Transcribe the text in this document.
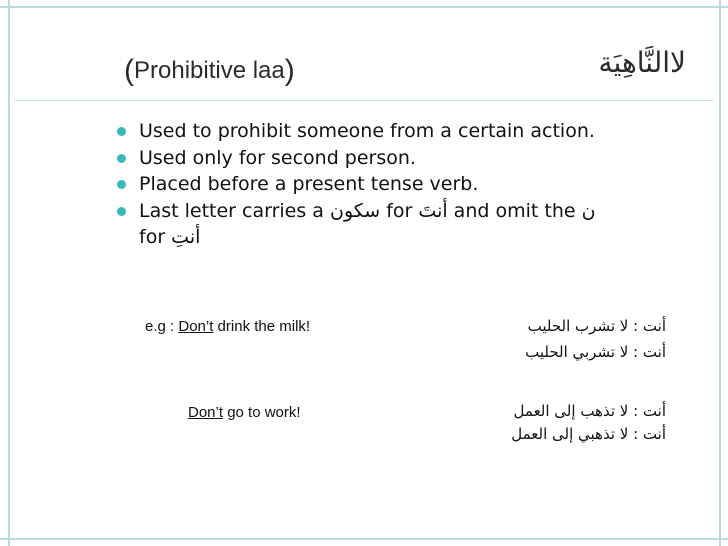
(Prohibitive laa)	لاالنَّاهِيَة
Used to prohibit someone from a certain action.
Used only for second person.
Placed before a present tense verb.
Last letter carries a سكون for أنتَ and omit the ن
for أنتِ
e.g : Don’t drink the milk!	أنت : لا تشرب الحليب
أنت : لا تشربي الحليب
Don’t go to work!	أنت : لا تذهب إلى العمل
أنت : لا تذهبي إلى العمل
